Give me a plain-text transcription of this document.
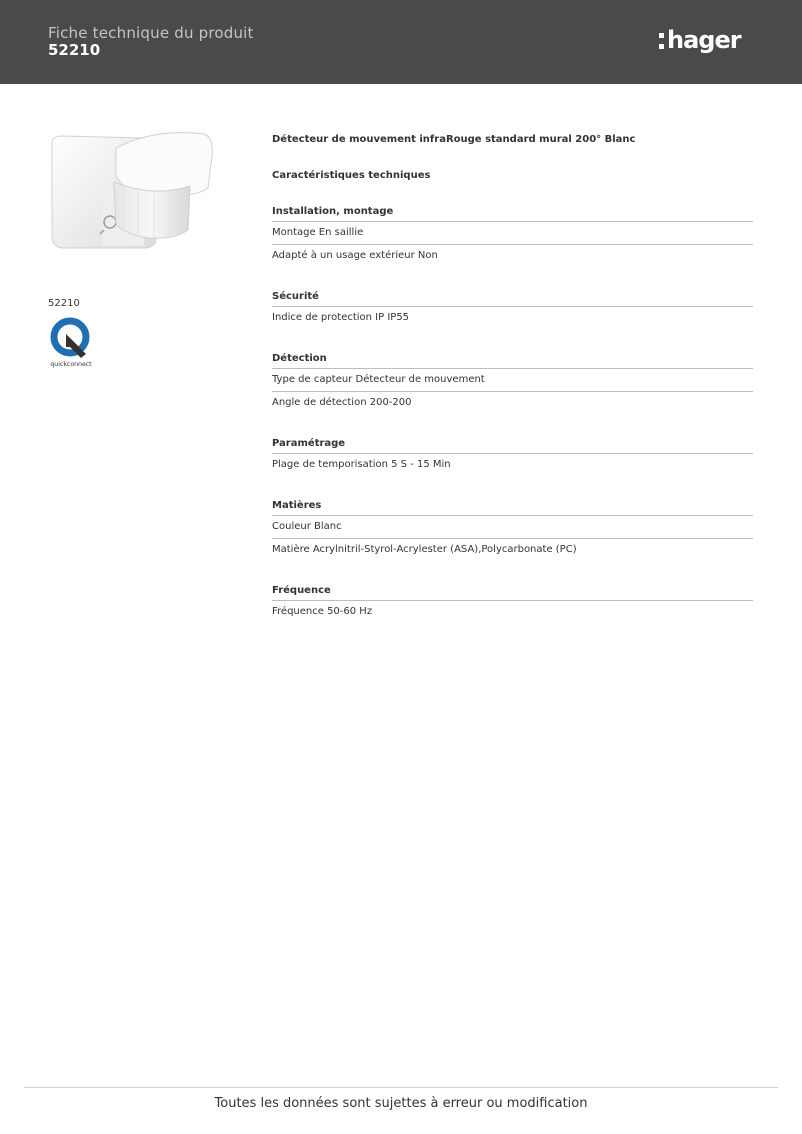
Fiche technique du produit
52210	hager
52210
quickconnect

Détecteur de mouvement infraRouge standard mural 200° Blanc

Caractéristiques techniques

Installation, montage
Montage En saillie
Adapté à un usage extérieur Non
Sécurité
Indice de protection IP IP55
Détection
Type de capteur Détecteur de mouvement
Angle de détection 200-200
Paramétrage
Plage de temporisation 5 S - 15 Min
Matières
Couleur Blanc
Matière Acrylnitril-Styrol-Acrylester (ASA),Polycarbonate (PC)
Fréquence
Fréquence 50-60 Hz
Toutes les données sont sujettes à erreur ou modification
